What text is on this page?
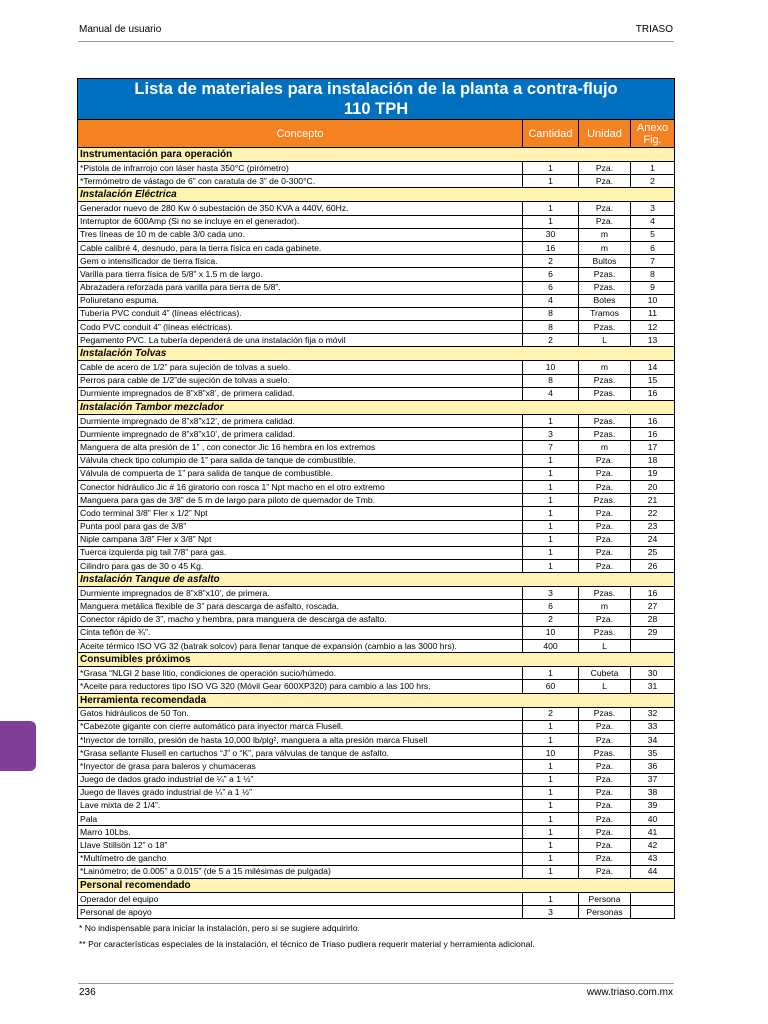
Manual de usuario	TRIASO
Lista de materiales para instalación de la planta a contra-flujo
110 TPH			

Concepto	Cantidad	Unidad	Anexo Fig.
Instrumentación para operación			
*Pistola de infrarrojo con láser hasta 350°C (pirómetro)	1	Pza.	1
*Termómetro de vástago de 6” con caratula de 3” de 0-300°C.	1	Pza.	2
Instalación Eléctrica			
Generador nuevo de 280 Kw ó subestación de 350 KVA a 440V, 60Hz.	1	Pza.	3
Interruptor de 600Amp (Si no se incluye en el generador).	1	Pza.	4
Tres líneas de 10 m de cable 3/0 cada uno.	30	m	5
Cable calibré 4, desnudo, para la tierra física en cada gabinete.	16	m	6
Gem o intensificador de tierra física.	2	Bultos	7
Varilla para tierra física de 5/8” x 1.5 m de largo.	6	Pzas.	8
Abrazadera reforzada para varilla para tierra de 5/8”.	6	Pzas.	9
Poliuretano espuma.	4	Botes	10
Tubería PVC conduit 4” (líneas eléctricas).	8	Tramos	11
Codo PVC conduit 4” (líneas eléctricas).	8	Pzas.	12
Pegamento PVC. La tubería dependerá de una instalación fija o móvil	2	L	13
Instalación Tolvas			
Cable de acero de 1/2” para sujeción de tolvas a suelo.	10	m	14
Perros para cable de 1/2”de sujeción de tolvas a suelo.	8	Pzas.	15
Durmiente impregnados de 8”x8”x8’, de primera calidad.	4	Pzas.	16
Instalación Tambor mezclador			
Durmiente impregnado de 8”x8”x12’, de primera calidad.	1	Pzas.	16
Durmiente impregnado de 8”x8”x10’, de primera calidad.	3	Pzas.	16
Manguera de alta presión de 1” , con conector Jic 16 hembra en los extremos	7	m	17
Válvula check tipo columpio de 1” para salida de tanque de combustible.	1	Pza.	18
Válvula de compuerta de 1” para salida de tanque de combustible.	1	Pza.	19
Conector hidráulico Jic # 16 giratorio con rosca 1” Npt macho en el otro extremo	1	Pza.	20
Manguera para gas de 3/8” de 5 m de largo para piloto de quemador de Tmb.	1	Pzas.	21
Codo terminal 3/8” Fler x 1/2” Npt	1	Pza.	22
Punta pool para gas de 3/8”	1	Pza.	23
Niple campana 3/8” Fler x 3/8” Npt	1	Pza.	24
Tuerca izquierda pig tail 7/8” para gas.	1	Pza.	25
Cilindro para gas de 30 o 45 Kg.	1	Pza.	26
Instalación Tanque de asfalto			
Durmiente impregnados de 8”x8”x10’, de primera.	3	Pzas.	16
Manguera metálica flexible de 3” para descarga de asfalto, roscada.	6	m	27
Conector rápido de 3”, macho y hembra, para manguera de descarga de asfalto.	2	Pza.	28
Cinta teflón de ¾”.	10	Pzas.	29
Aceite térmico ISO VG 32 (batrak solcov) para llenar tanque de expansión (cambio a las 3000 hrs).	400	L	
Consumibles próximos			
*Grasa “NLGI 2 base litio, condiciones de operación sucio/húmedo.	1	Cubeta	30
*Aceite para reductores tipo ISO VG 320 (Móvil Gear 600XP320) para cambio a las 100 hrs.	60	L	31
Herramienta recomendada			
Gatos hidráulicos de 50 Ton.	2	Pzas.	32
*Cabezote gigante con cierre automático para inyector marca Flusell.	1	Pza.	33
*Inyector de tornillo, presión de hasta 10,000 lb/plg², manguera a alta presión marca Flusell	1	Pza.	34
*Grasa sellante Flusell en cartuchos “J” o “K”, para válvulas de tanque de asfalto.	10	Pzas.	35
*Inyector de grasa para baleros y chumaceras	1	Pza.	36
Juego de dados grado industrial de ¼” a 1 ½”	1	Pza.	37
Juego de llaves grado industrial de ¼” a 1 ½”	1	Pza.	38
Lave mixta de 2 1/4”.	1	Pza.	39
Pala	1	Pza.	40
Marro 10Lbs.	1	Pza.	41
Llave Stillsön 12” o 18”	1	Pza.	42
*Multímetro de gancho	1	Pza.	43
*Lainómetro; de 0.005” a 0.015” (de 5 a 15 milésimas de pulgada)	1	Pza.	44
Personal recomendado			
Operador del equipo	1	Persona	
Personal de apoyo	3	Personas	
* No indispensable para iniciar la instalación, pero si se sugiere adquirirlo.
** Por características especiales de la instalación, el técnico de Triaso pudiera requerir material y herramienta adicional.
236	www.triaso.com.mx
